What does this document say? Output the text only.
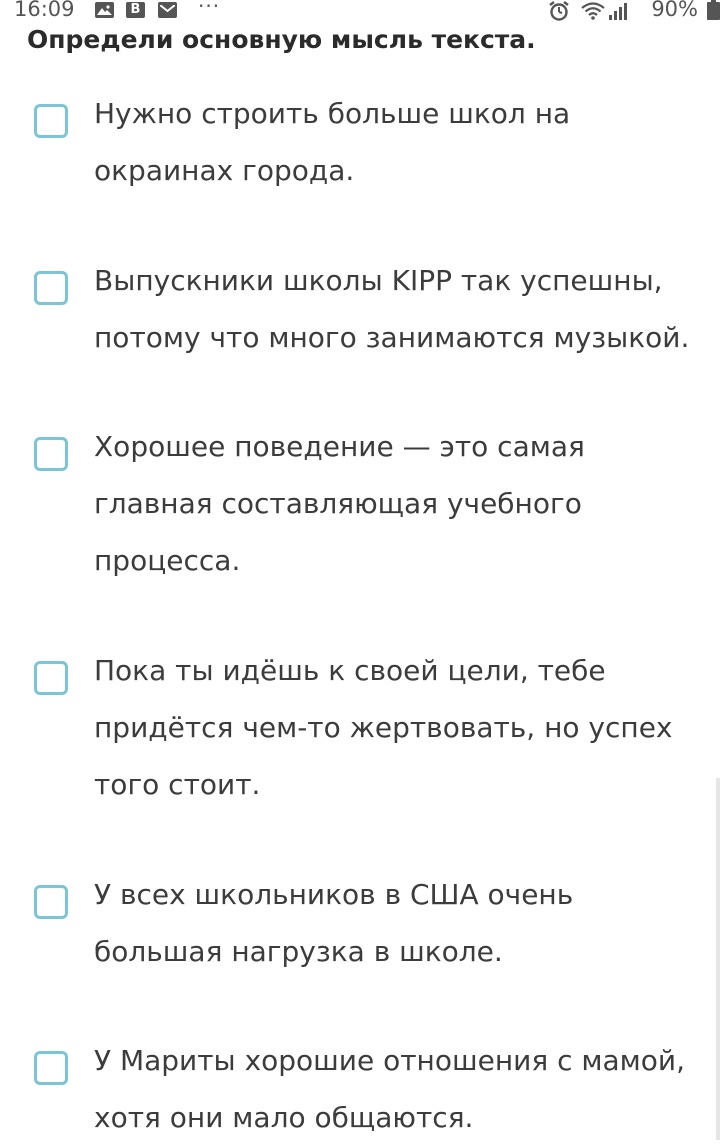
16:09	B	···	90%
Определи основную мысль текста.
Нужно строить больше школ на окраинах города.
Выпускники школы KIPP так успешны, потому что много занимаются музыкой.
Хорошее поведение — это самая главная составляющая учебного процесса.
Пока ты идёшь к своей цели, тебе придётся чем-то жертвовать, но успех того стоит.
У всех школьников в США очень большая нагрузка в школе.
У Мариты хорошие отношения с мамой, хотя они мало общаются.
